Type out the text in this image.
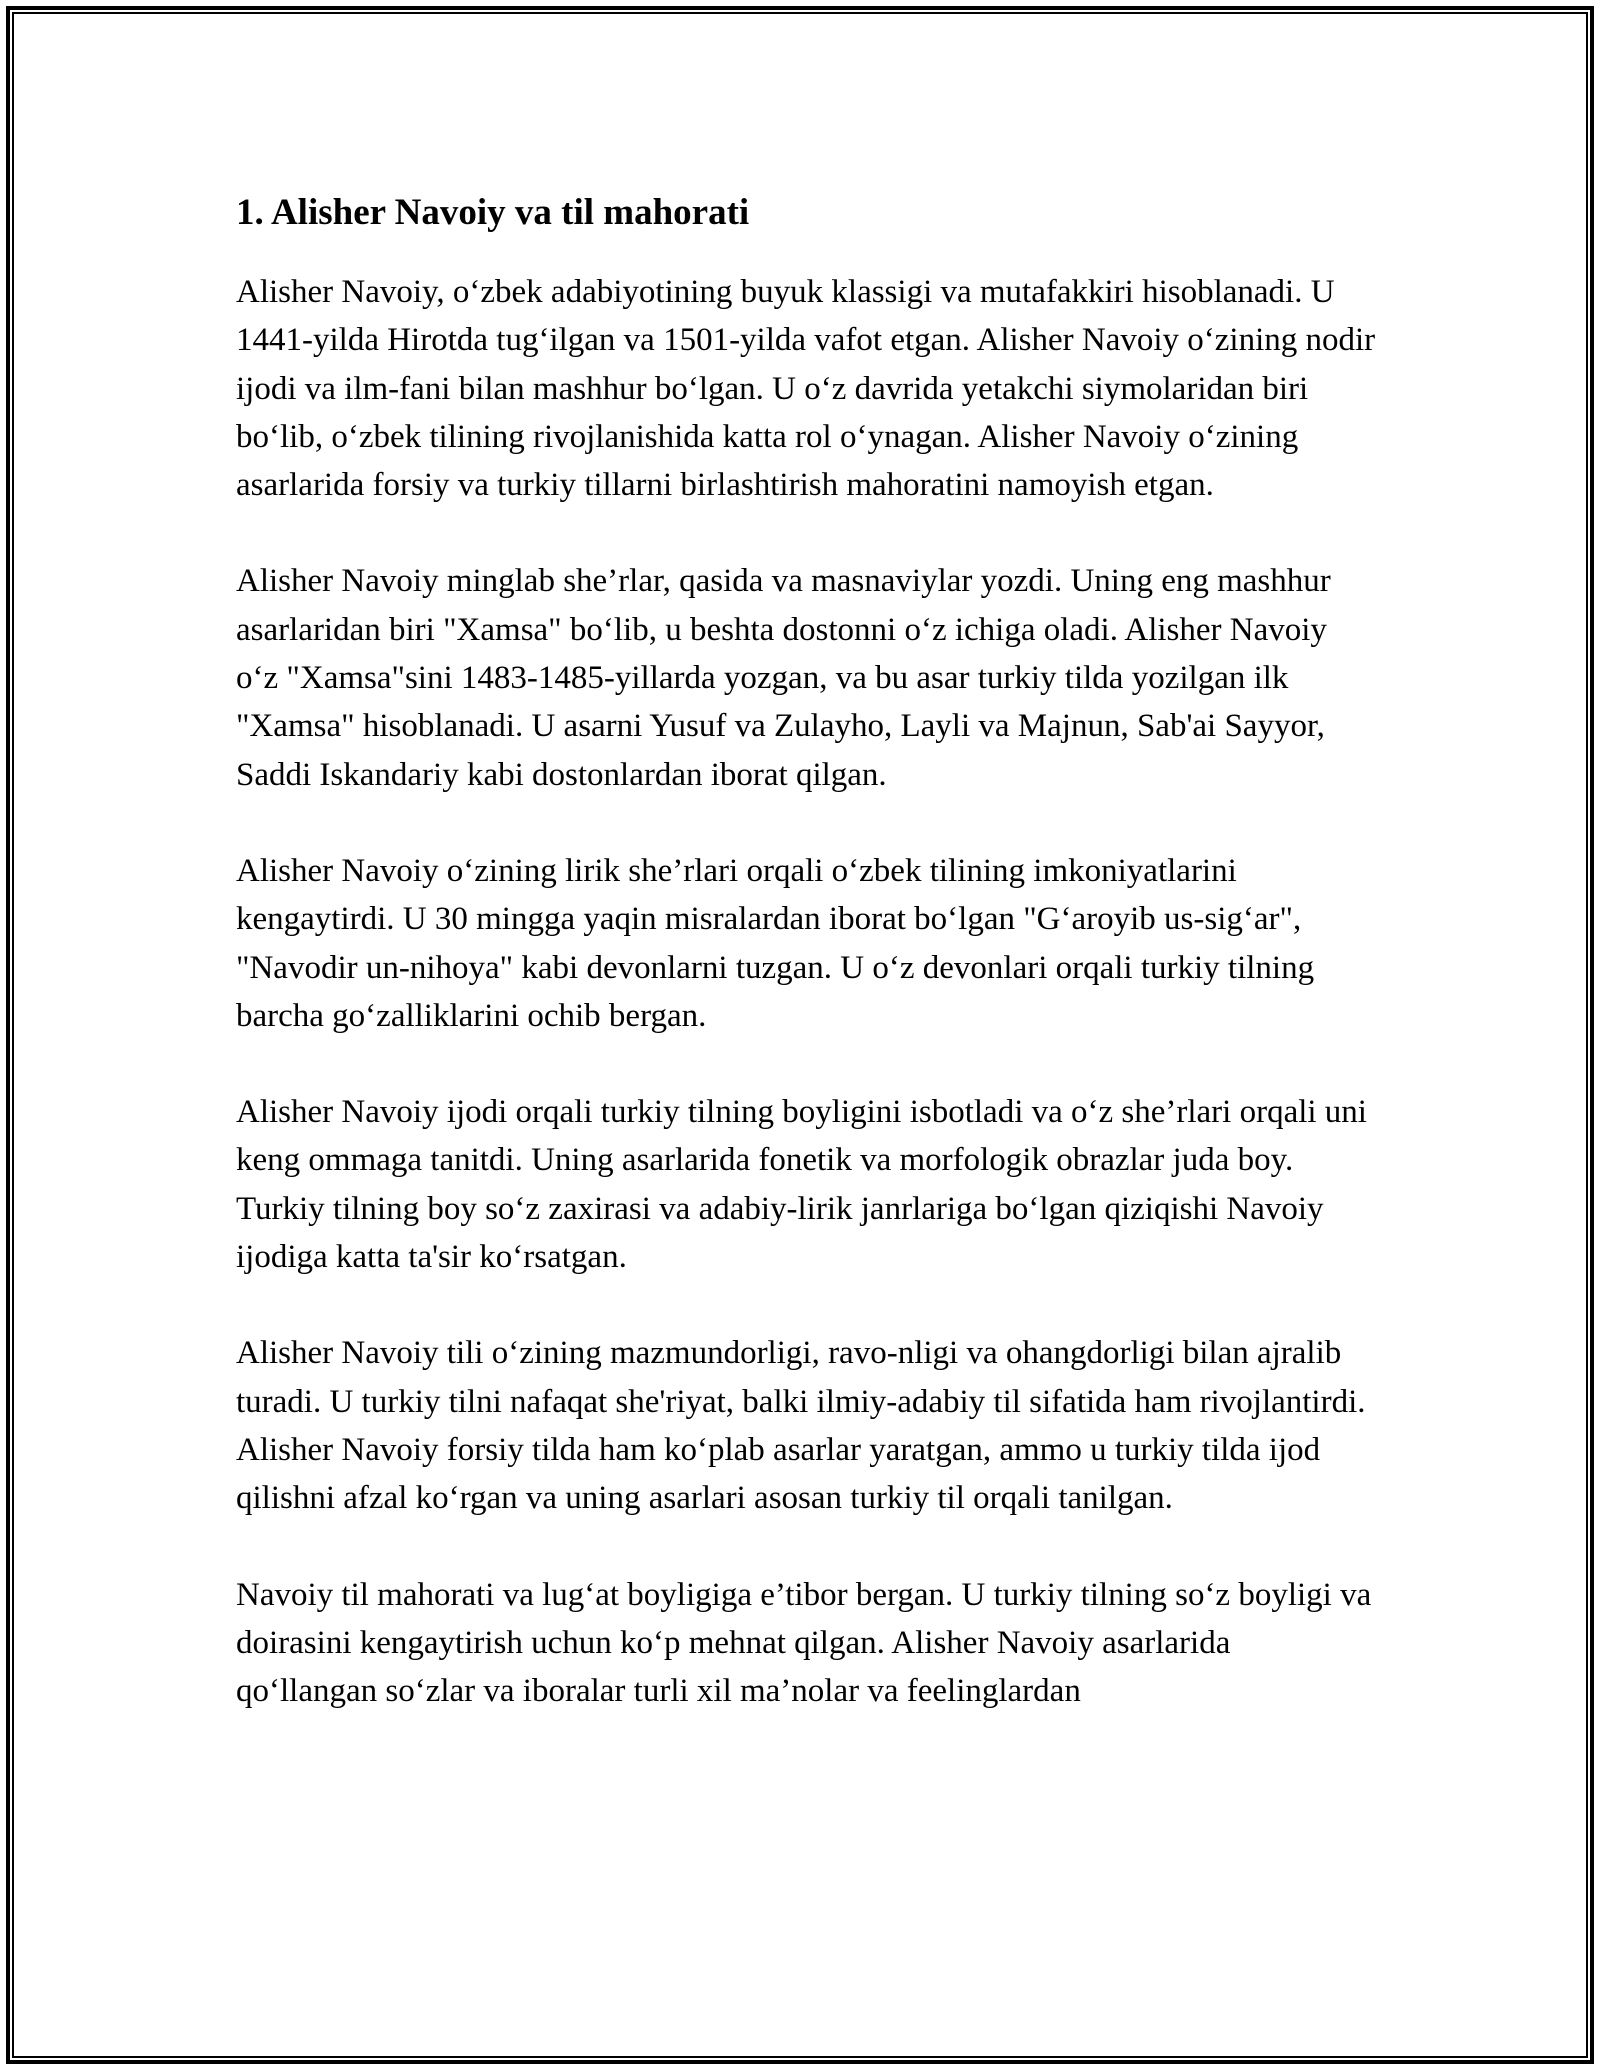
1. Alisher Navoiy va til mahorati

Alisher Navoiy, o‘zbek adabiyotining buyuk klassigi va mutafakkiri hisoblanadi. U 1441-yilda Hirotda tug‘ilgan va 1501-yilda vafot etgan. Alisher Navoiy o‘zining nodir ijodi va ilm-fani bilan mashhur bo‘lgan. U o‘z davrida yetakchi siymolaridan biri bo‘lib, o‘zbek tilining rivojlanishida katta rol o‘ynagan. Alisher Navoiy o‘zining asarlarida forsiy va turkiy tillarni birlashtirish mahoratini namoyish etgan.

Alisher Navoiy minglab she’rlar, qasida va masnaviylar yozdi. Uning eng mashhur asarlaridan biri "Xamsa" bo‘lib, u beshta dostonni o‘z ichiga oladi. Alisher Navoiy o‘z "Xamsa"sini 1483-1485-yillarda yozgan, va bu asar turkiy tilda yozilgan ilk "Xamsa" hisoblanadi. U asarni Yusuf va Zulayho, Layli va Majnun, Sab'ai Sayyor, Saddi Iskandariy kabi dostonlardan iborat qilgan.

Alisher Navoiy o‘zining lirik she’rlari orqali o‘zbek tilining imkoniyatlarini kengaytirdi. U 30 mingga yaqin misralardan iborat bo‘lgan "G‘aroyib us-sig‘ar", "Navodir un-nihoya" kabi devonlarni tuzgan. U o‘z devonlari orqali turkiy tilning barcha go‘zalliklarini ochib bergan.

Alisher Navoiy ijodi orqali turkiy tilning boyligini isbotladi va o‘z she’rlari orqali uni keng ommaga tanitdi. Uning asarlarida fonetik va morfologik obrazlar juda boy. Turkiy tilning boy so‘z zaxirasi va adabiy-lirik janrlariga bo‘lgan qiziqishi Navoiy ijodiga katta ta'sir ko‘rsatgan.

Alisher Navoiy tili o‘zining mazmundorligi, ravo-nligi va ohangdorligi bilan ajralib turadi. U turkiy tilni nafaqat she'riyat, balki ilmiy-adabiy til sifatida ham rivojlantirdi. Alisher Navoiy forsiy tilda ham ko‘plab asarlar yaratgan, ammo u turkiy tilda ijod qilishni afzal ko‘rgan va uning asarlari asosan turkiy til orqali tanilgan.

Navoiy til mahorati va lug‘at boyligiga e’tibor bergan. U turkiy tilning so‘z boyligi va doirasini kengaytirish uchun ko‘p mehnat qilgan. Alisher Navoiy asarlarida qo‘llangan so‘zlar va iboralar turli xil ma’nolar va feelinglardan
